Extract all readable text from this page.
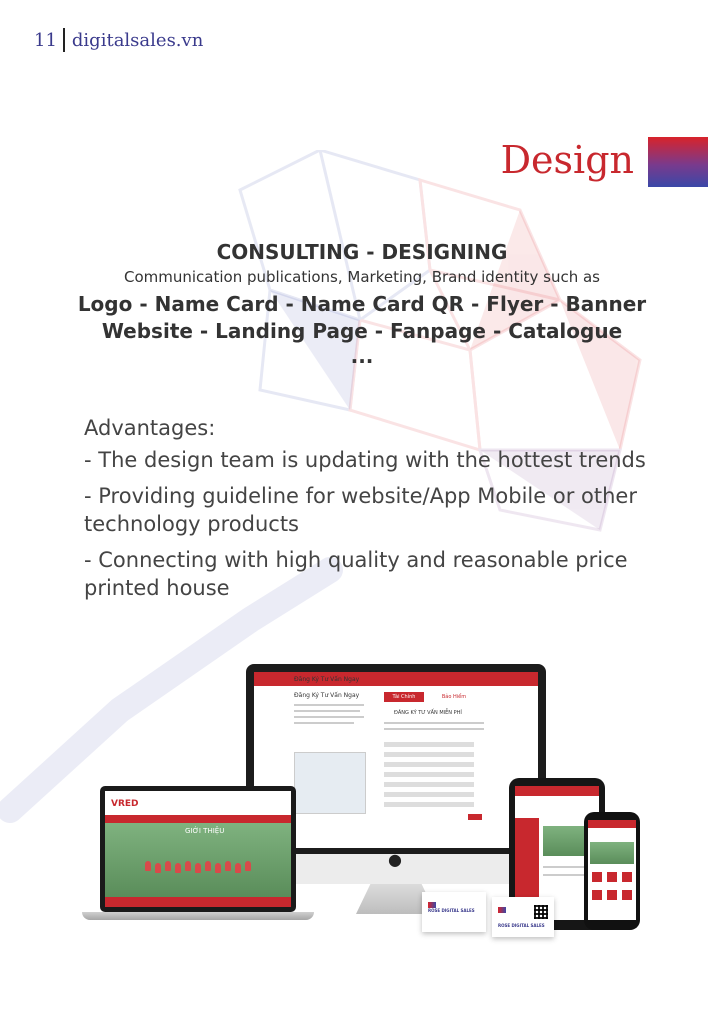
11 digitalsales.vn
Design

CONSULTING - DESIGNING

Communication publications, Marketing, Brand identity such as

Logo - Name Card - Name Card QR - Flyer - Banner

Website - Landing Page - Fanpage - Catalogue

...

Advantages:

- The design team is updating with the hottest trends

- Providing guideline for website/App Mobile or other technology products

- Connecting with high quality and reasonable price printed house

Đăng Ký Tư Vấn Ngay
Đăng Ký Tư Vấn Ngay	Tài Chính	Bảo Hiểm
ĐĂNG KÝ TƯ VẤN MIỄN PHÍ
●
VRED
GIỚI THIỆU
ROSE DIGITAL SALES
ROSE DIGITAL SALES
